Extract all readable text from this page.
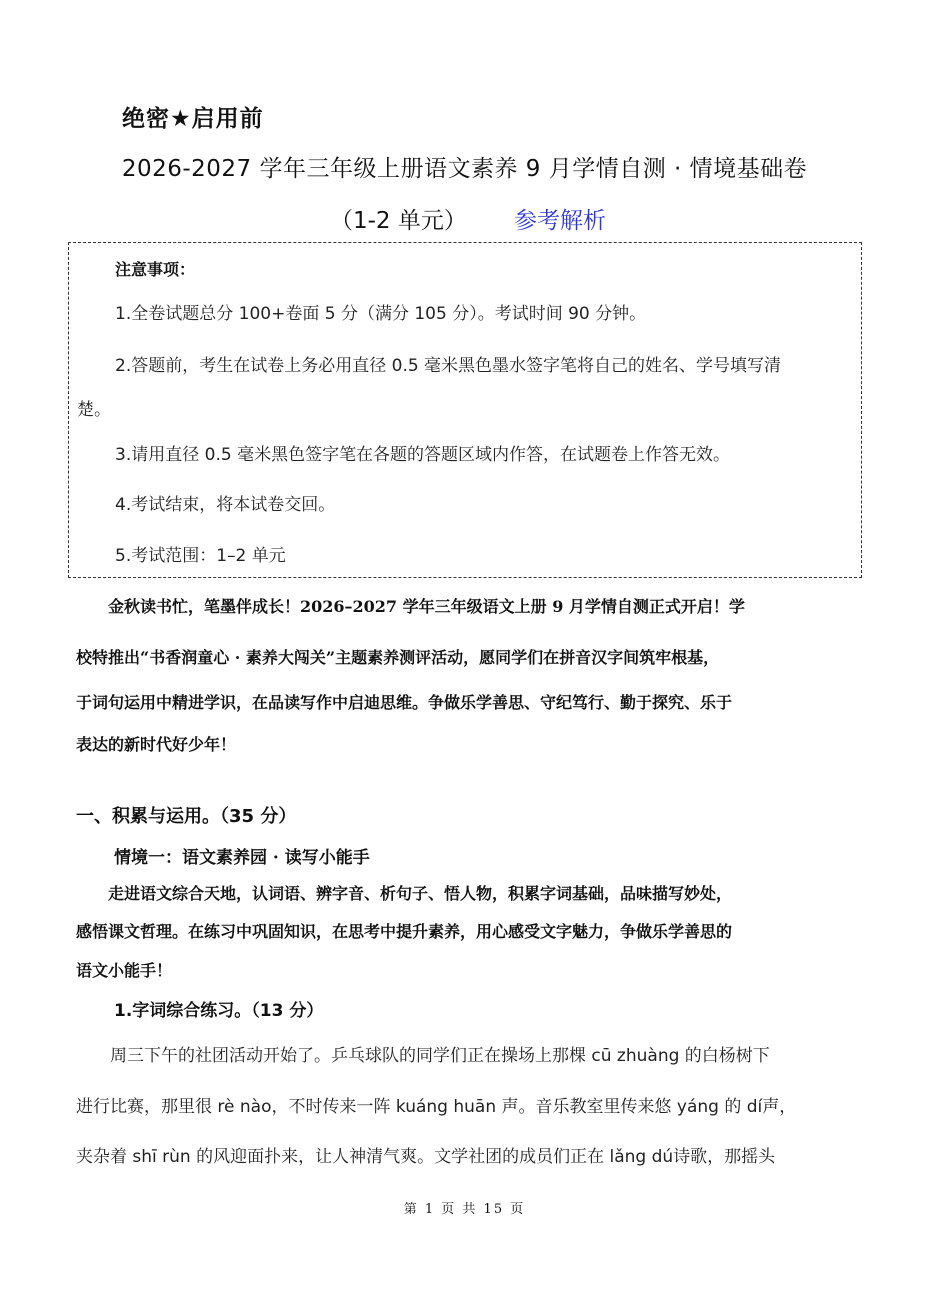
绝密★启用前
2026-2027 学年三年级上册语文素养 9 月学情自测 · 情境基础卷
（1-2 单元） 参考解析
注意事项：
1.全卷试题总分 100+卷面 5 分（满分 105 分）。考试时间 90 分钟。
2.答题前，考生在试卷上务必用直径 0.5 毫米黑色墨水签字笔将自己的姓名、学号填写清
楚。
3.请用直径 0.5 毫米黑色签字笔在各题的答题区域内作答，在试题卷上作答无效。
4.考试结束，将本试卷交回。
5.考试范围：1–2 单元
　　金秋读书忙，笔墨伴成长！2026–2027 学年三年级语文上册 9 月学情自测正式开启！学
校特推出“书香润童心 · 素养大闯关”主题素养测评活动，愿同学们在拼音汉字间筑牢根基，
于词句运用中精进学识，在品读写作中启迪思维。争做乐学善思、守纪笃行、勤于探究、乐于
表达的新时代好少年！
一、积累与运用。（35 分）
情境一：语文素养园 · 读写小能手
　　走进语文综合天地，认词语、辨字音、析句子、悟人物，积累字词基础，品味描写妙处，
感悟课文哲理。在练习中巩固知识，在思考中提升素养，用心感受文字魅力，争做乐学善思的
语文小能手！
1.字词综合练习。（13 分）
　　周三下午的社团活动开始了。乒乓球队的同学们正在操场上那棵 cū zhuàng 的白杨树下
进行比赛，那里很 rè nào，不时传来一阵 kuáng huān 声。音乐教室里传来悠 yáng 的 dí声，
夹杂着 shī rùn 的风迎面扑来，让人神清气爽。文学社团的成员们正在 lǎng dú诗歌，那摇头
第 1 页 共 15 页
